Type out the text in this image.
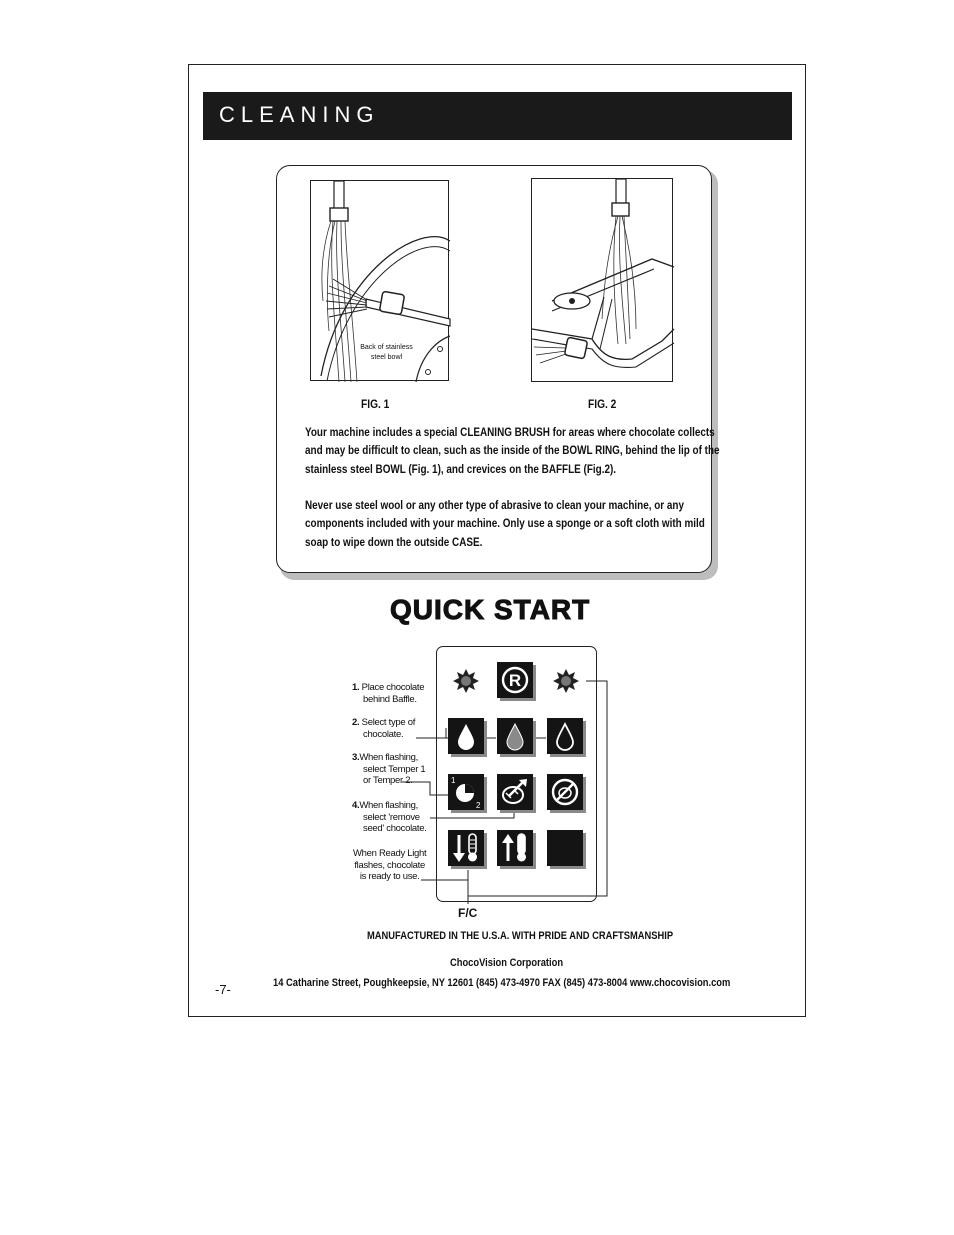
CLEANING
Back of stainless
steel bowl
FIG. 1	FIG. 2
Your machine includes a special CLEANING BRUSH for areas where chocolate collects
and may be difficult to clean, such as the inside of the BOWL RING, behind the lip of the
stainless steel BOWL (Fig. 1), and crevices on the BAFFLE (Fig.2).
Never use steel wool or any other type of abrasive to clean your machine, or any
components included with your machine. Only use a sponge or a soft cloth with mild
soap to wipe down the outside CASE.
QUICK START
1. Place chocolate
behind Baffle.
2. Select type of
chocolate.
3.When flashing,
select Temper 1
or Temper 2.
4.When flashing,
select 'remove
seed' chocolate.
When Ready Light
flashes, chocolate
is ready to use.
R
1
2
F/C
MANUFACTURED IN THE U.S.A. WITH PRIDE AND CRAFTSMANSHIP
ChocoVision Corporation
14 Catharine Street, Poughkeepsie, NY 12601 (845) 473-4970 FAX (845) 473-8004 www.chocovision.com
-7-
